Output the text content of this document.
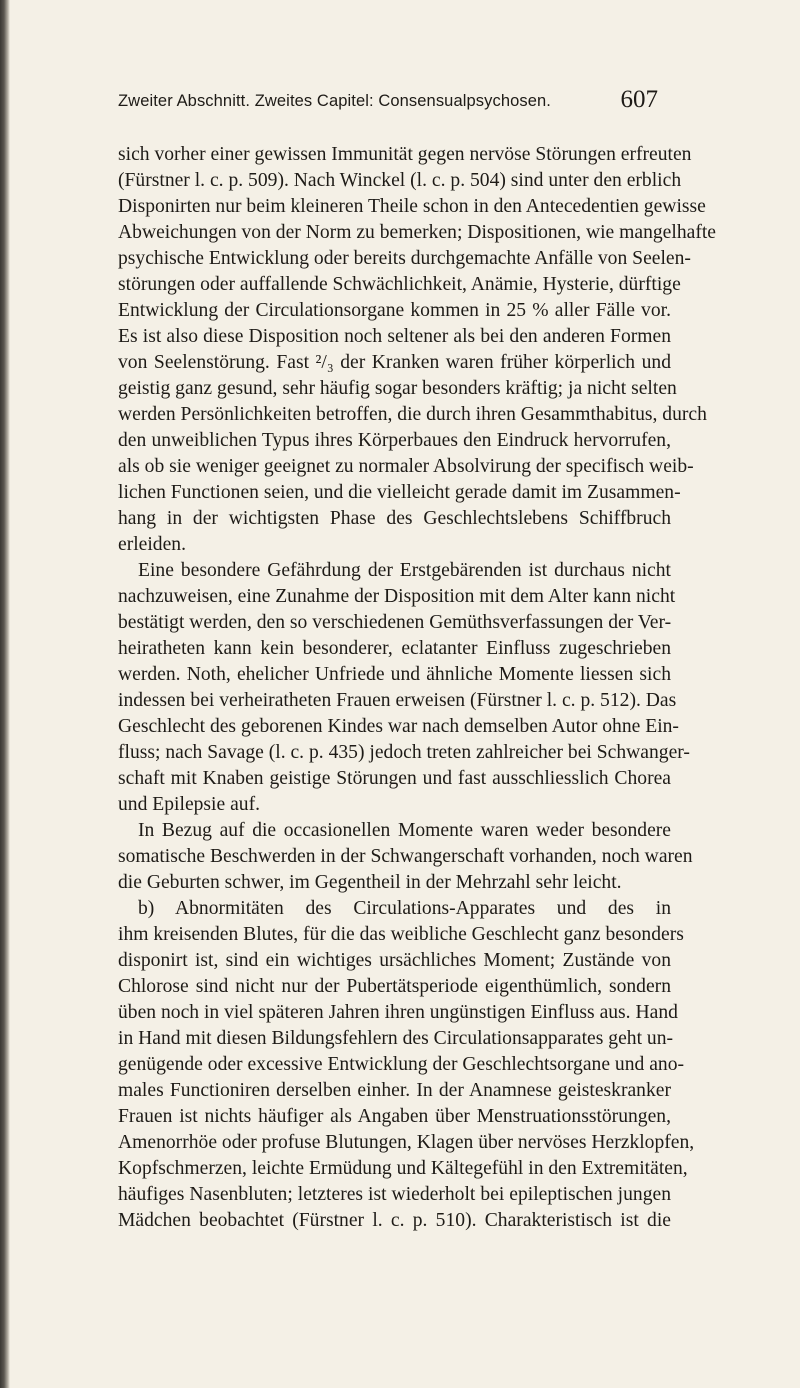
Zweiter Abschnitt. Zweites Capitel: Consensualpsychosen.	607
sich vorher einer gewissen Immunität gegen nervöse Störungen erfreuten
(Fürstner l. c. p. 509). Nach Winckel (l. c. p. 504) sind unter den erblich
Disponirten nur beim kleineren Theile schon in den Antecedentien gewisse
Abweichungen von der Norm zu bemerken; Dispositionen, wie mangelhafte
psychische Entwicklung oder bereits durchgemachte Anfälle von Seelen-
störungen oder auffallende Schwächlichkeit, Anämie, Hysterie, dürftige
Entwicklung der Circulationsorgane kommen in 25 % aller Fälle vor.
Es ist also diese Disposition noch seltener als bei den anderen Formen
von Seelenstörung. Fast ²/₃ der Kranken waren früher körperlich und
geistig ganz gesund, sehr häufig sogar besonders kräftig; ja nicht selten
werden Persönlichkeiten betroffen, die durch ihren Gesammthabitus, durch
den unweiblichen Typus ihres Körperbaues den Eindruck hervorrufen,
als ob sie weniger geeignet zu normaler Absolvirung der specifisch weib-
lichen Functionen seien, und die vielleicht gerade damit im Zusammen-
hang in der wichtigsten Phase des Geschlechtslebens Schiffbruch
erleiden.
Eine besondere Gefährdung der Erstgebärenden ist durchaus nicht
nachzuweisen, eine Zunahme der Disposition mit dem Alter kann nicht
bestätigt werden, den so verschiedenen Gemüthsverfassungen der Ver-
heiratheten kann kein besonderer, eclatanter Einfluss zugeschrieben
werden. Noth, ehelicher Unfriede und ähnliche Momente liessen sich
indessen bei verheiratheten Frauen erweisen (Fürstner l. c. p. 512). Das
Geschlecht des geborenen Kindes war nach demselben Autor ohne Ein-
fluss; nach Savage (l. c. p. 435) jedoch treten zahlreicher bei Schwanger-
schaft mit Knaben geistige Störungen und fast ausschliesslich Chorea
und Epilepsie auf.
In Bezug auf die occasionellen Momente waren weder besondere
somatische Beschwerden in der Schwangerschaft vorhanden, noch waren
die Geburten schwer, im Gegentheil in der Mehrzahl sehr leicht.
b) Abnormitäten des Circulations-Apparates und des in
ihm kreisenden Blutes, für die das weibliche Geschlecht ganz besonders
disponirt ist, sind ein wichtiges ursächliches Moment; Zustände von
Chlorose sind nicht nur der Pubertätsperiode eigenthümlich, sondern
üben noch in viel späteren Jahren ihren ungünstigen Einfluss aus. Hand
in Hand mit diesen Bildungsfehlern des Circulationsapparates geht un-
genügende oder excessive Entwicklung der Geschlechtsorgane und ano-
males Functioniren derselben einher. In der Anamnese geisteskranker
Frauen ist nichts häufiger als Angaben über Menstruationsstörungen,
Amenorrhöe oder profuse Blutungen, Klagen über nervöses Herzklopfen,
Kopfschmerzen, leichte Ermüdung und Kältegefühl in den Extremitäten,
häufiges Nasenbluten; letzteres ist wiederholt bei epileptischen jungen
Mädchen beobachtet (Fürstner l. c. p. 510). Charakteristisch ist die
